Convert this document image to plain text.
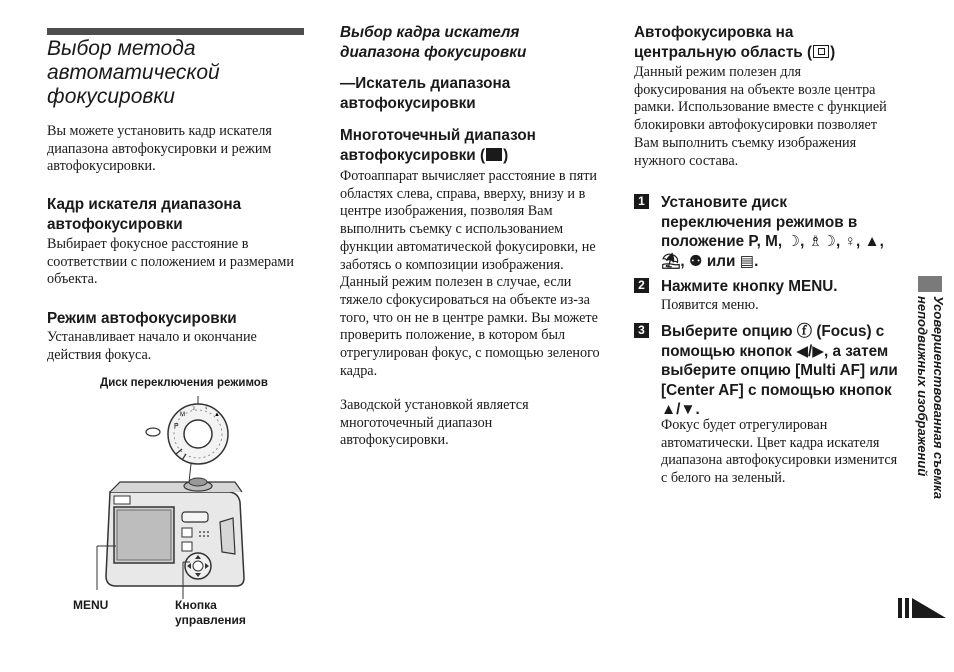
Выбор метода автоматической фокусировки
Вы можете установить кадр искателя диапазона автофокусировки и режим автофокусировки.
Кадр искателя диапазона автофокусировки
Выбирает фокусное расстояние в соответствии с положением и размерами объекта.
Режим автофокусировки
Устанавливает начало и окончание действия фокуса.
Диск переключения режимов
P
M
☽ ♀
▲
MENU	Кнопка управления
Выбор кадра искателя диапазона фокусировки
—Искатель диапазона автофокусировки
Многоточечный диапазон автофокусировки ( )
Фотоаппарат вычисляет расстояние в пяти областях слева, справа, вверху, внизу и в центре изображения, позволяя Вам выполнить съемку с использованием функции автоматической фокусировки, не заботясь о композиции изображения. Данный режим полезен в случае, если тяжело сфокусироваться на объекте из-за того, что он не в центре рамки. Вы можете проверить положение, в котором был отрегулирован фокус, с помощью зеленого кадра.
Заводской установкой является многоточечный диапазон автофокусировки.
Автофокусировка на центральную область ( )
Данный режим полезен для фокусирования на объекте возле центра рамки. Использование вместе с функцией блокировки автофокусировки позволяет Вам выполнить съемку изображения нужного состава.
1 Установите диск переключения режимов в положение P, M, ☽, ♗☽, ♀, ▲, ⛱, ⚉ или ▤.
2 Нажмите кнопку MENU.
Появится меню.
3 Выберите опцию ⓕ (Focus) с помощью кнопок ◀/▶, а затем выберите опцию [Multi AF] или [Center AF] с помощью кнопок ▲/▼.
Фокус будет отрегулирован автоматически. Цвет кадра искателя диапазона автофокусировки изменится с белого на зеленый.	Усовершенствованная съемка неподвижных изображений
